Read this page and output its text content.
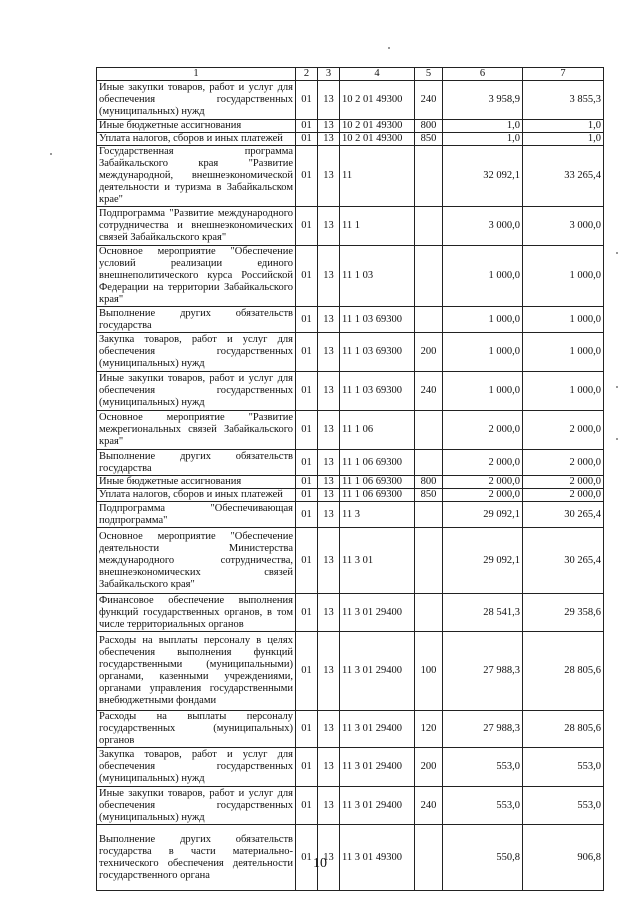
1	2	3	4	5	6	7
Иные закупки товаров, работ и услуг для обеспечения государственных (муниципальных) нужд	01	13	10 2 01 49300	240	3 958,9	3 855,3
Иные бюджетные ассигнования	01	13	10 2 01 49300	800	1,0	1,0
Уплата налогов, сборов и иных платежей	01	13	10 2 01 49300	850	1,0	1,0
Государственная программа Забайкальского края "Развитие международной, внешнеэкономической деятельности и туризма в Забайкальском крае"	01	13	11		32 092,1	33 265,4
Подпрограмма "Развитие международного сотрудничества и внешнеэкономических связей Забайкальского края"	01	13	11 1		3 000,0	3 000,0
Основное мероприятие "Обеспечение условий реализации единого внешнеполитического курса Российской Федерации на территории Забайкальского края"	01	13	11 1 03		1 000,0	1 000,0
Выполнение других обязательств государства	01	13	11 1 03 69300		1 000,0	1 000,0
Закупка товаров, работ и услуг для обеспечения государственных (муниципальных) нужд	01	13	11 1 03 69300	200	1 000,0	1 000,0
Иные закупки товаров, работ и услуг для обеспечения государственных (муниципальных) нужд	01	13	11 1 03 69300	240	1 000,0	1 000,0
Основное мероприятие "Развитие межрегиональных связей Забайкальского края"	01	13	11 1 06		2 000,0	2 000,0
Выполнение других обязательств государства	01	13	11 1 06 69300		2 000,0	2 000,0
Иные бюджетные ассигнования	01	13	11 1 06 69300	800	2 000,0	2 000,0
Уплата налогов, сборов и иных платежей	01	13	11 1 06 69300	850	2 000,0	2 000,0
Подпрограмма "Обеспечивающая подпрограмма"	01	13	11 3		29 092,1	30 265,4
Основное мероприятие "Обеспечение деятельности Министерства международного сотрудничества, внешнеэкономических связей Забайкальского края"	01	13	11 3 01		29 092,1	30 265,4
Финансовое обеспечение выполнения функций государственных органов, в том числе территориальных органов	01	13	11 3 01 29400		28 541,3	29 358,6
Расходы на выплаты персоналу в целях обеспечения выполнения функций государственными (муниципальными) органами, казенными учреждениями, органами управления государственными внебюджетными фондами	01	13	11 3 01 29400	100	27 988,3	28 805,6
Расходы на выплаты персоналу государственных (муниципальных) органов	01	13	11 3 01 29400	120	27 988,3	28 805,6
Закупка товаров, работ и услуг для обеспечения государственных (муниципальных) нужд	01	13	11 3 01 29400	200	553,0	553,0
Иные закупки товаров, работ и услуг для обеспечения государственных (муниципальных) нужд	01	13	11 3 01 29400	240	553,0	553,0
Выполнение других обязательств государства в части материально-технического обеспечения деятельности государственного органа	01	13	11 3 01 49300		550,8	906,8
10
